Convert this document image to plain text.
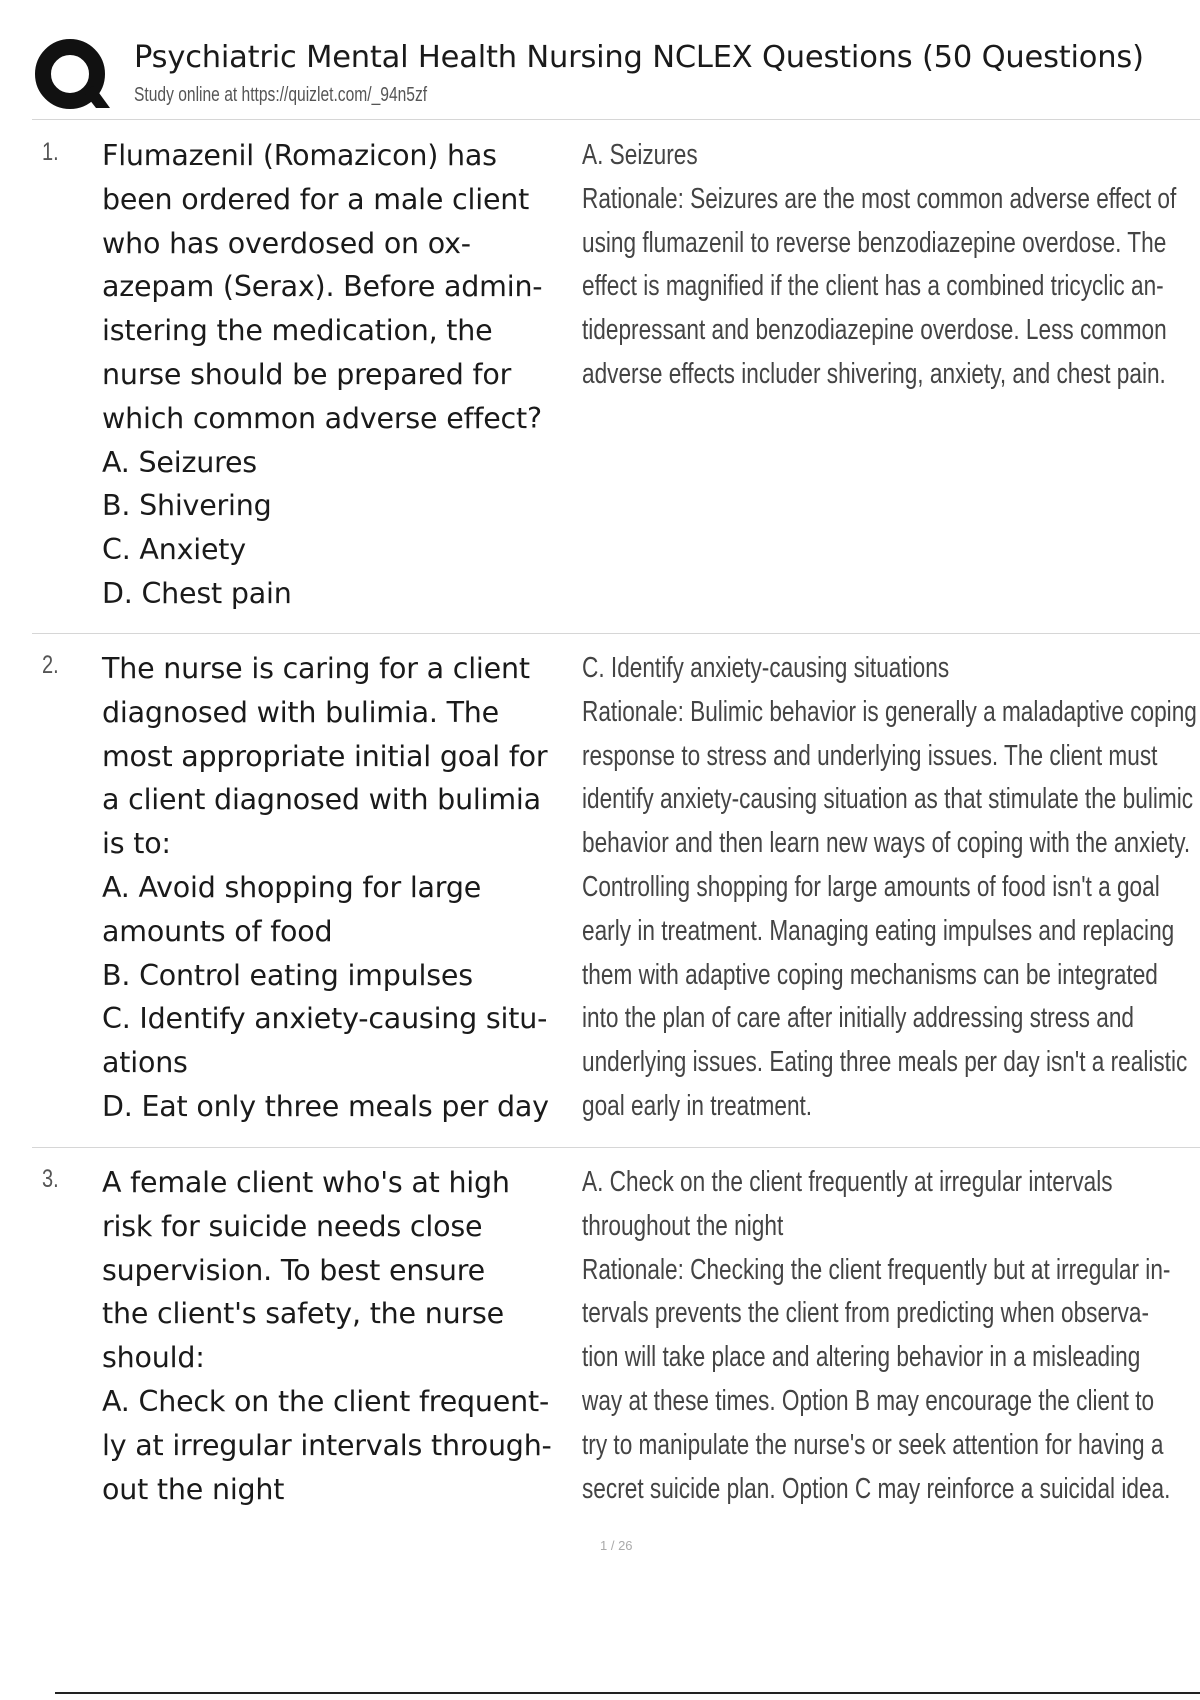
Psychiatric Mental Health Nursing NCLEX Questions (50 Questions)
Study online at https://quizlet.com/_94n5zf
1. Flumazenil (Romazicon) has
been ordered for a male client
who has overdosed on ox-
azepam (Serax). Before admin-
istering the medication, the
nurse should be prepared for
which common adverse effect?
A. Seizures
B. Shivering
C. Anxiety
D. Chest pain
A. Seizures
Rationale: Seizures are the most common adverse effect of
using flumazenil to reverse benzodiazepine overdose. The
effect is magnified if the client has a combined tricyclic an-
tidepressant and benzodiazepine overdose. Less common
adverse effects includer shivering, anxiety, and chest pain.
2. The nurse is caring for a client
diagnosed with bulimia. The
most appropriate initial goal for
a client diagnosed with bulimia
is to:
A. Avoid shopping for large
amounts of food
B. Control eating impulses
C. Identify anxiety-causing situ-
ations
D. Eat only three meals per day
C. Identify anxiety-causing situations
Rationale: Bulimic behavior is generally a maladaptive coping
response to stress and underlying issues. The client must
identify anxiety-causing situation as that stimulate the bulimic
behavior and then learn new ways of coping with the anxiety.
Controlling shopping for large amounts of food isn't a goal
early in treatment. Managing eating impulses and replacing
them with adaptive coping mechanisms can be integrated
into the plan of care after initially addressing stress and
underlying issues. Eating three meals per day isn't a realistic
goal early in treatment.
3. A female client who's at high
risk for suicide needs close
supervision. To best ensure
the client's safety, the nurse
should:
A. Check on the client frequent-
ly at irregular intervals through-
out the night
A. Check on the client frequently at irregular intervals
throughout the night
Rationale: Checking the client frequently but at irregular in-
tervals prevents the client from predicting when observa-
tion will take place and altering behavior in a misleading
way at these times. Option B may encourage the client to
try to manipulate the nurse's or seek attention for having a
secret suicide plan. Option C may reinforce a suicidal idea.
1 / 26
